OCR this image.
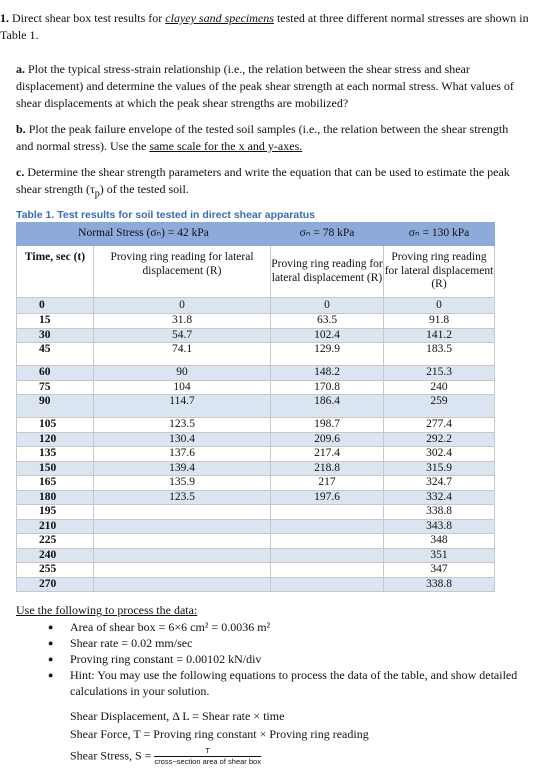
1. Direct shear box test results for clayey sand specimens tested at three different normal stresses are shown in Table 1.
a. Plot the typical stress-strain relationship (i.e., the relation between the shear stress and shear displacement) and determine the values of the peak shear strength at each normal stress. What values of shear displacements at which the peak shear strengths are mobilized?
b. Plot the peak failure envelope of the tested soil samples (i.e., the relation between the shear strength and normal stress). Use the same scale for the x and y-axes.
c. Determine the shear strength parameters and write the equation that can be used to estimate the peak shear strength $(\tau_p)$ of the tested soil.
Table 1. Test results for soil tested in direct shear apparatus
Normal Stress (σₙ) = 42 kPa		σₙ = 78 kPa	σₙ = 130 kPa
Time, sec (t)	Proving ring reading for lateral displacement (R)	Proving ring reading for lateral displacement (R)	Proving ring reading for lateral displacement (R)
0	0	0	0
15	31.8	63.5	91.8
30	54.7	102.4	141.2
45	74.1	129.9	183.5
60	90	148.2	215.3
75	104	170.8	240
90	114.7	186.4	259
105	123.5	198.7	277.4
120	130.4	209.6	292.2
135	137.6	217.4	302.4
150	139.4	218.8	315.9
165	135.9	217	324.7
180	123.5	197.6	332.4
195			338.8
210			343.8
225			348
240			351
255			347
270			338.8
Use the following to process the data:
● Area of shear box = 6×6 cm² = 0.0036 m²
● Shear rate = 0.02 mm/sec
● Proving ring constant = 0.00102 kN/div
● Hint: You may use the following equations to process the data of the table, and show detailed calculations in your solution.
Shear Displacement, Δ L = Shear rate × time
Shear Force, T = Proving ring constant × Proving ring reading
Shear Stress, $S = \frac{T}{\text{cross−section area of shear box}}$
